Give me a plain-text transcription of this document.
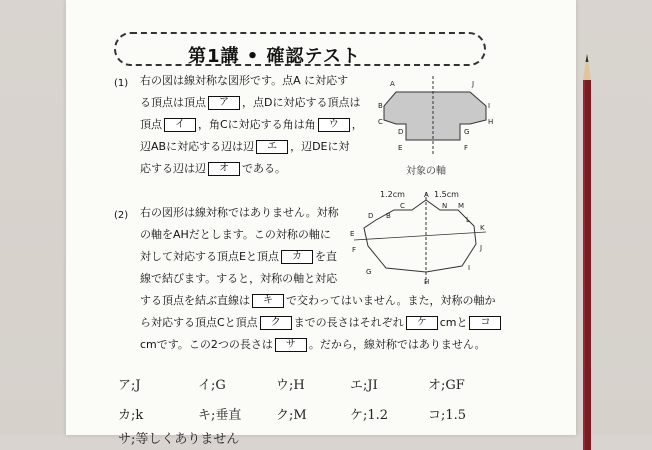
第1講 • 確認テスト
(1) 右の図は線対称な図形です。点A に対応す
る頂点は頂点 ア ，点Dに対応する頂点は
頂点 イ ，角Cに対応する角は角 ウ ，
辺ABに対応する辺は辺 エ ，辺DEに対
応する辺は辺 オ である。
A	J
B	I
C	H
D	G
E	F
対象の軸
(2) 右の図形は線対称ではありません。対称
の軸をAHだとします。この対称の軸に
対して対応する頂点Eと頂点 カ を直
線で結びます。すると，対称の軸と対応
する頂点を結ぶ直線は キ で交わってはいません。また，対称の軸か
ら対応する頂点Cと頂点 ク までの長さはそれぞれ ケ cmと コ
cmです。この2つの長さは サ 。だから，線対称ではありません。
1.2cm	1.5cm
B
C
A
N M
L
K
E
F
G
H
I
J
D
ア;J	イ;G	ウ;H	エ;JI	オ;GF
カ;k	キ;垂直	ク;M	ケ;1.2	コ;1.5
サ;等しくありません
